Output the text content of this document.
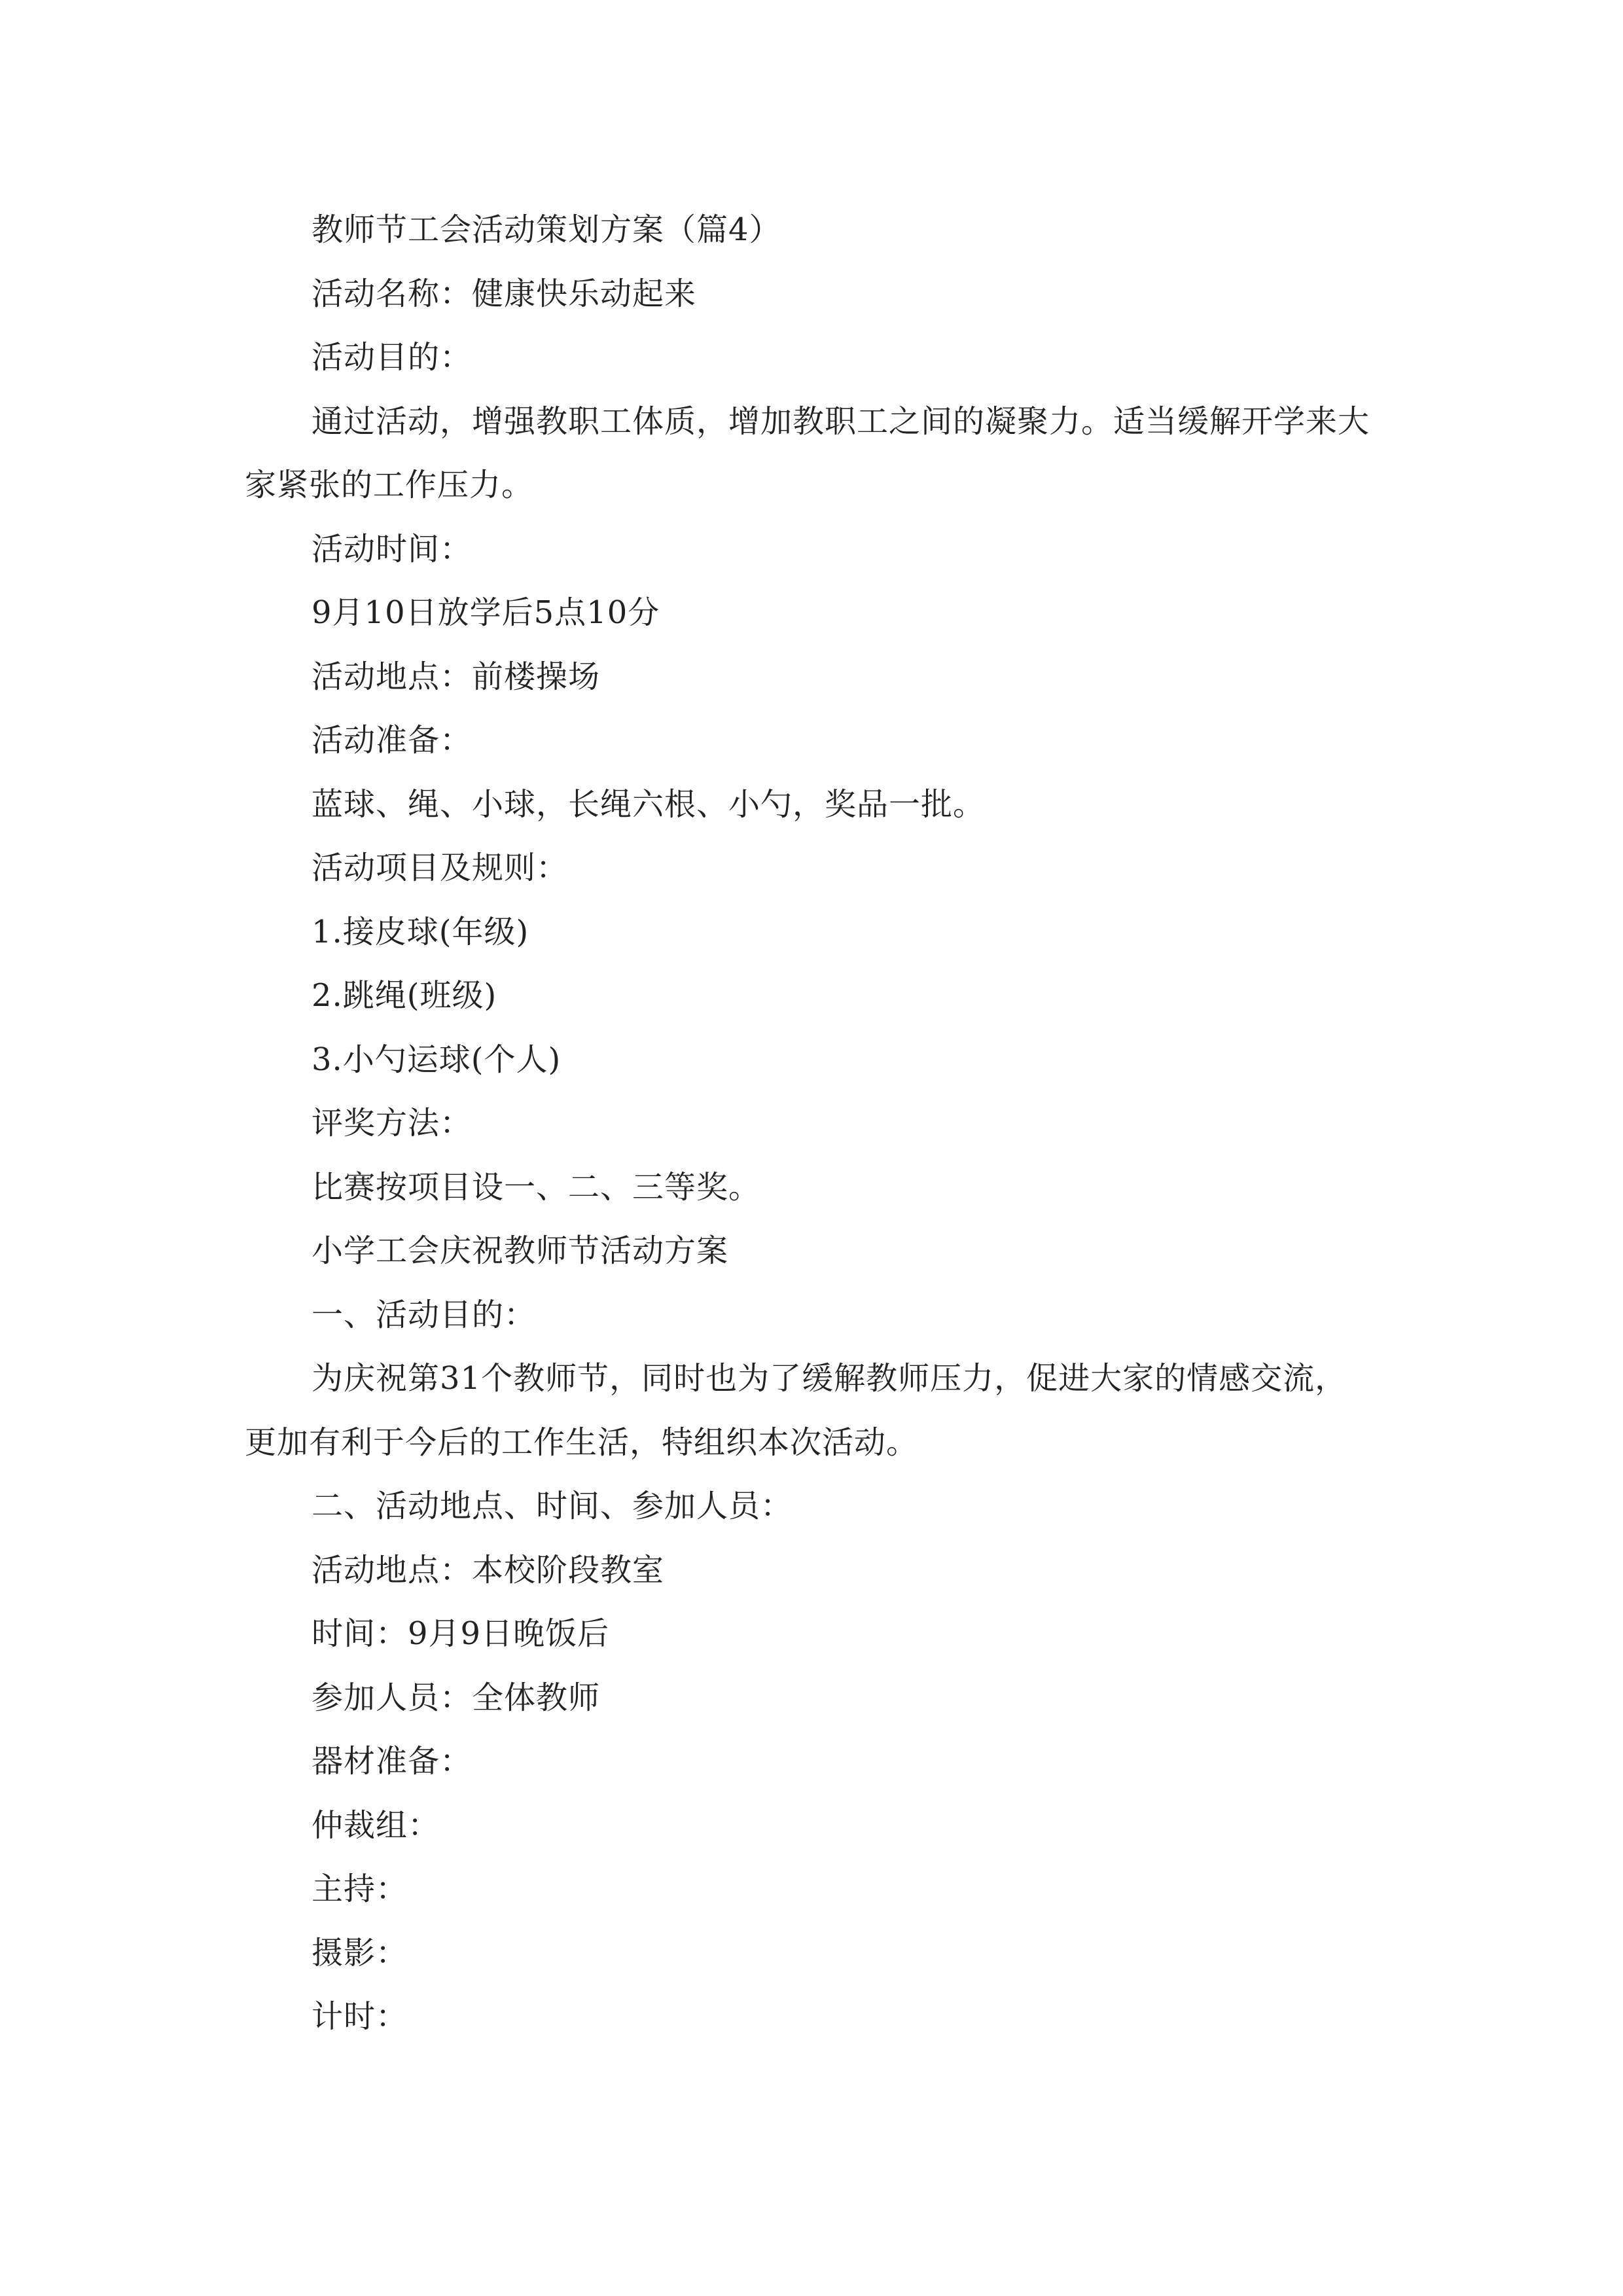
教师节工会活动策划方案（篇4）

活动名称：健康快乐动起来

活动目的：

通过活动，增强教职工体质，增加教职工之间的凝聚力。适当缓解开学来大家紧张的工作压力。

活动时间：

9月10日放学后5点10分

活动地点：前楼操场

活动准备：

蓝球、绳、小球，长绳六根、小勺，奖品一批。

活动项目及规则：

1.接皮球(年级)

2.跳绳(班级)

3.小勺运球(个人)

评奖方法：

比赛按项目设一、二、三等奖。

小学工会庆祝教师节活动方案

一、活动目的：

为庆祝第31个教师节，同时也为了缓解教师压力，促进大家的情感交流，更加有利于今后的工作生活，特组织本次活动。

二、活动地点、时间、参加人员：

活动地点：本校阶段教室

时间：9月9日晚饭后

参加人员：全体教师

器材准备：

仲裁组：

主持：

摄影：

计时：
